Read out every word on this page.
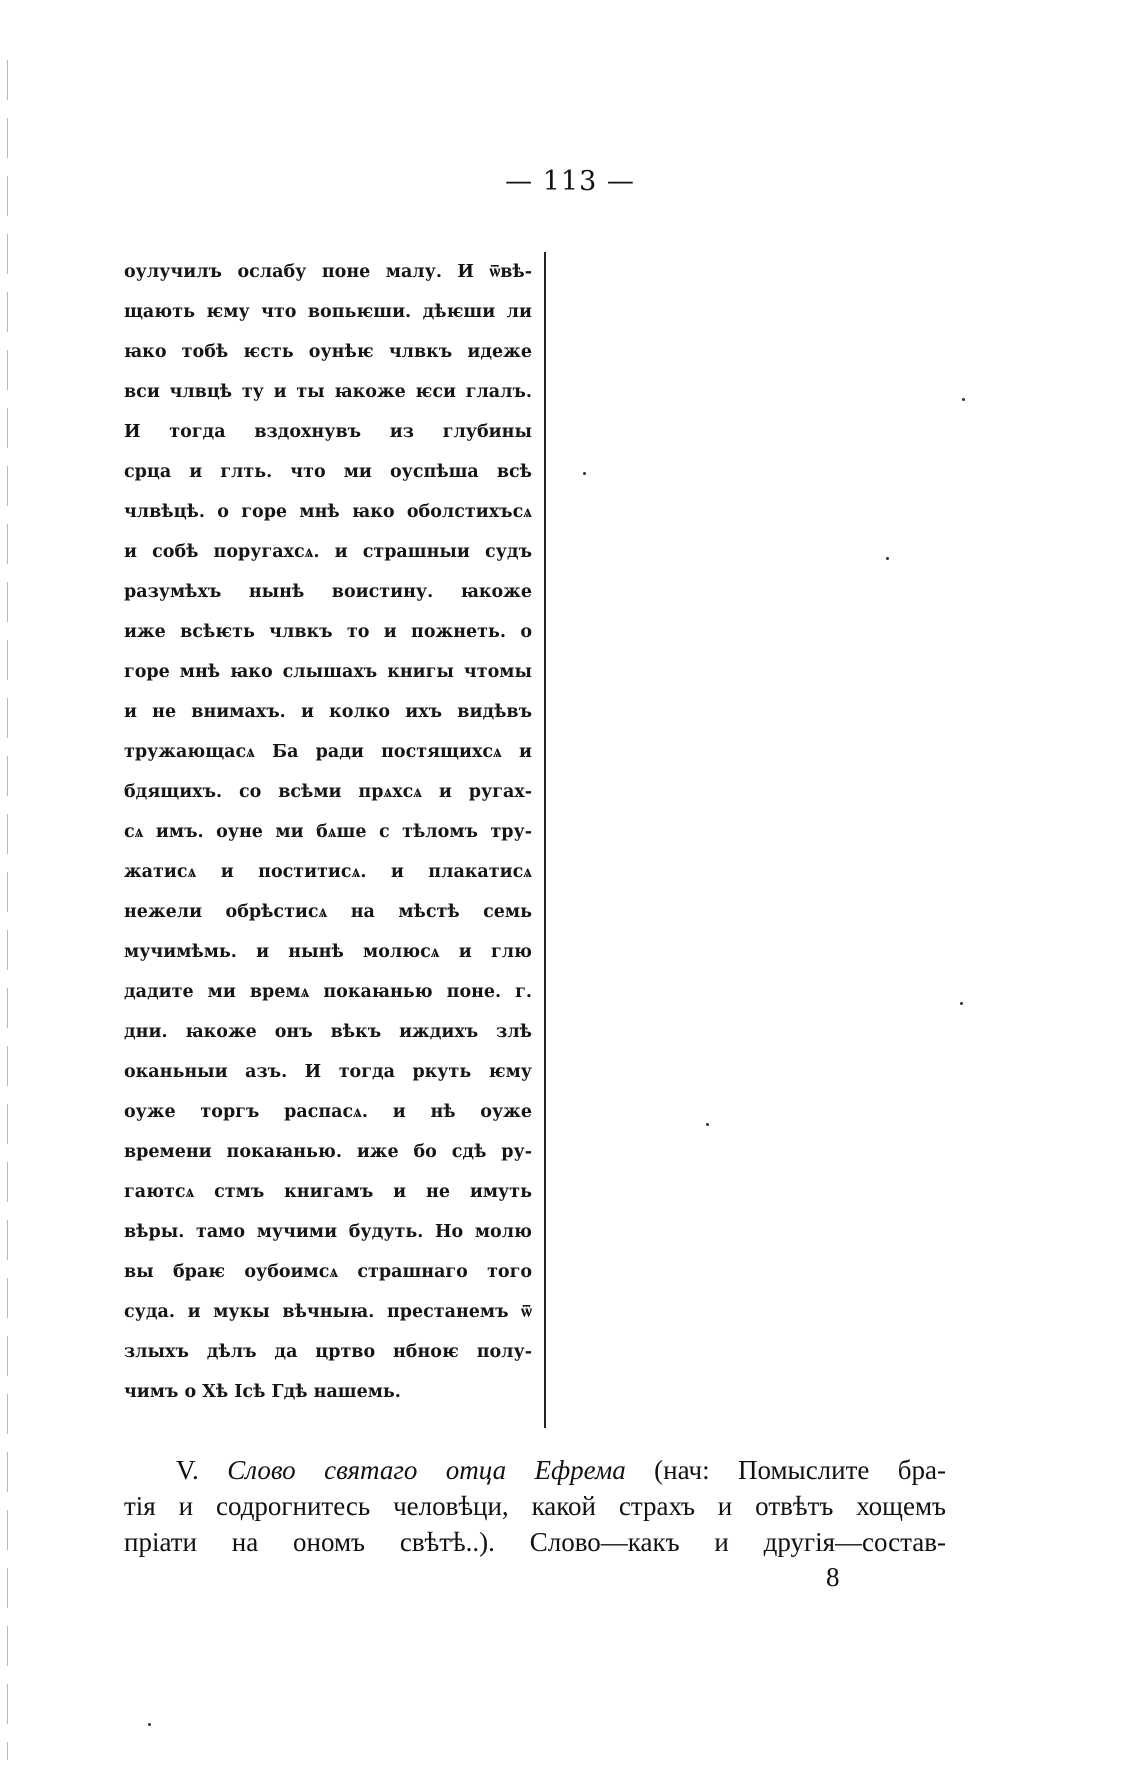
— 113 —
оулучилъ ослабу поне малу. И ѿвѣ-
щають ѥму что вопьѥши. дѣѥши ли
ꙗко тобѣ ѥсть оунѣѥ члвкъ идеже
вси члвцѣ ту и ты ꙗкоже ѥси глалъ.
И тогда вздохнувъ из глубины
срца и глть. что ми оуспѣша всѣ
члвѣцѣ. о горе мнѣ ꙗко оболстихъсѧ
и собѣ поругахсѧ. и страшныи судъ
разумѣхъ нынѣ воистину. ꙗкоже
иже всѣѥть члвкъ то и пожнеть. о
горе мнѣ ꙗко слышахъ книгы чтомы
и не внимахъ. и колко ихъ видѣвъ
тружающасѧ Ба ради постящихсѧ и
бдящихъ. со всѣми прѧхсѧ и ругах-
сѧ имъ. оуне ми бѧше с тѣломъ тру-
жатисѧ и поститисѧ. и плакатисѧ
нежели обрѣстисѧ на мѣстѣ семь
мучимѣмь. и нынѣ молюсѧ и глю
дадите ми времѧ покаꙗнью поне. г.
дни. ꙗкоже онъ вѣкъ иждихъ злѣ
оканьныи азъ. И тогда ркуть ѥму
оуже торгъ распасѧ. и нѣ оуже
времени покаꙗнью. иже бо сдѣ ру-
гаютсѧ стмъ книгамъ и не имуть
вѣры. тамо мучими будуть. Но молю
вы браѥ оубоимсѧ страшнаго того
суда. и мукы вѣчныꙗ. престанемъ ѿ
злыхъ дѣлъ да цртво нбноѥ полу-
чимъ о Хѣ Ісѣ Гдѣ нашемь.
V. Слово святаго отца Ефрема (нач: Помыслите бра-
тія и содрогнитесь человѣци, какой страхъ и отвѣтъ хощемъ
пріати на ономъ свѣтѣ..). Слово—какъ и другія—состав-
8
